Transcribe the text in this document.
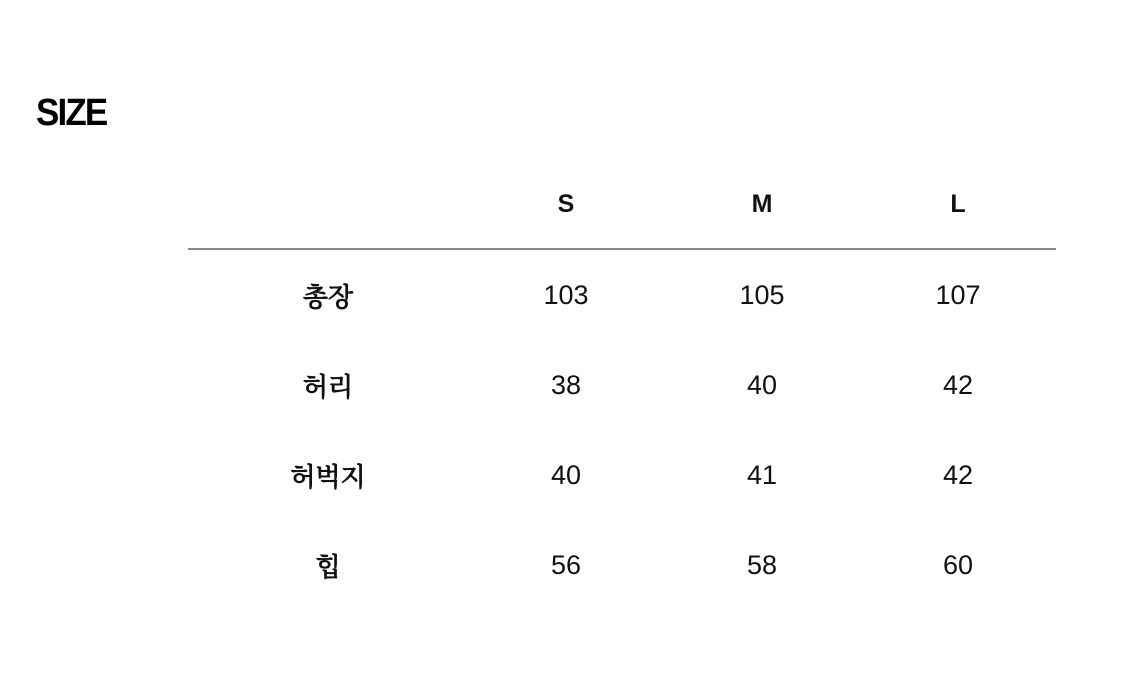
SIZE
	S	M	L
총장	103	105	107
허리	38	40	42
허벅지	40	41	42
힙	56	58	60
